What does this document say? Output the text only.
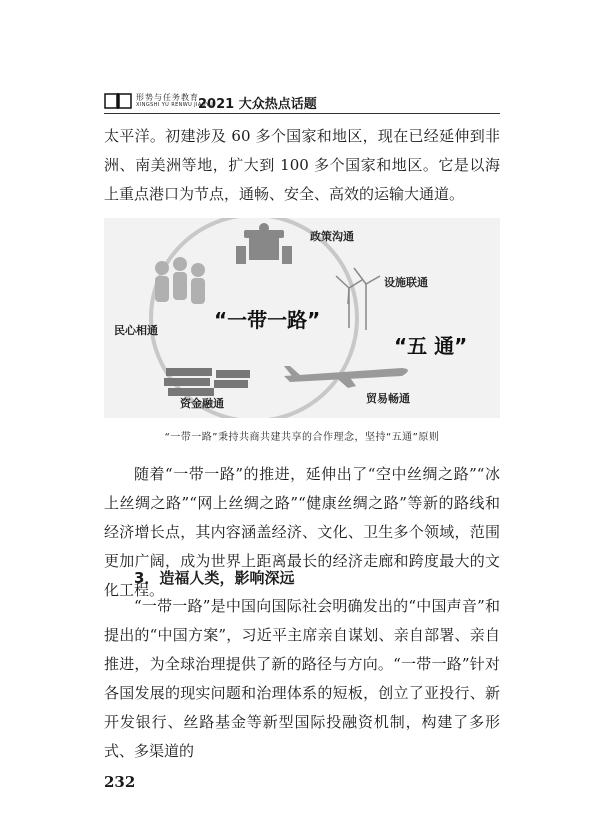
形势与任务教育
XINGSHI YU RENWU JIAOYU
2021 大众热点话题
太平洋。初建涉及 60 多个国家和地区，现在已经延伸到非洲、南美洲等地，扩大到 100 多个国家和地区。它是以海上重点港口为节点，通畅、安全、高效的运输大通道。
政策沟通
设施联通
贸易畅通
资金融通
民心相通	“一带一路”
“五 通”
“一带一路”秉持共商共建共享的合作理念，坚持“五通”原则
随着“一带一路”的推进，延伸出了“空中丝绸之路”“冰上丝绸之路”“网上丝绸之路”“健康丝绸之路”等新的路线和经济增长点，其内容涵盖经济、文化、卫生多个领域，范围更加广阔，成为世界上距离最长的经济走廊和跨度最大的文化工程。
3．造福人类，影响深远
“一带一路”是中国向国际社会明确发出的“中国声音”和提出的“中国方案”，习近平主席亲自谋划、亲自部署、亲自推进，为全球治理提供了新的路径与方向。“一带一路”针对各国发展的现实问题和治理体系的短板，创立了亚投行、新开发银行、丝路基金等新型国际投融资机制，构建了多形式、多渠道的
232
